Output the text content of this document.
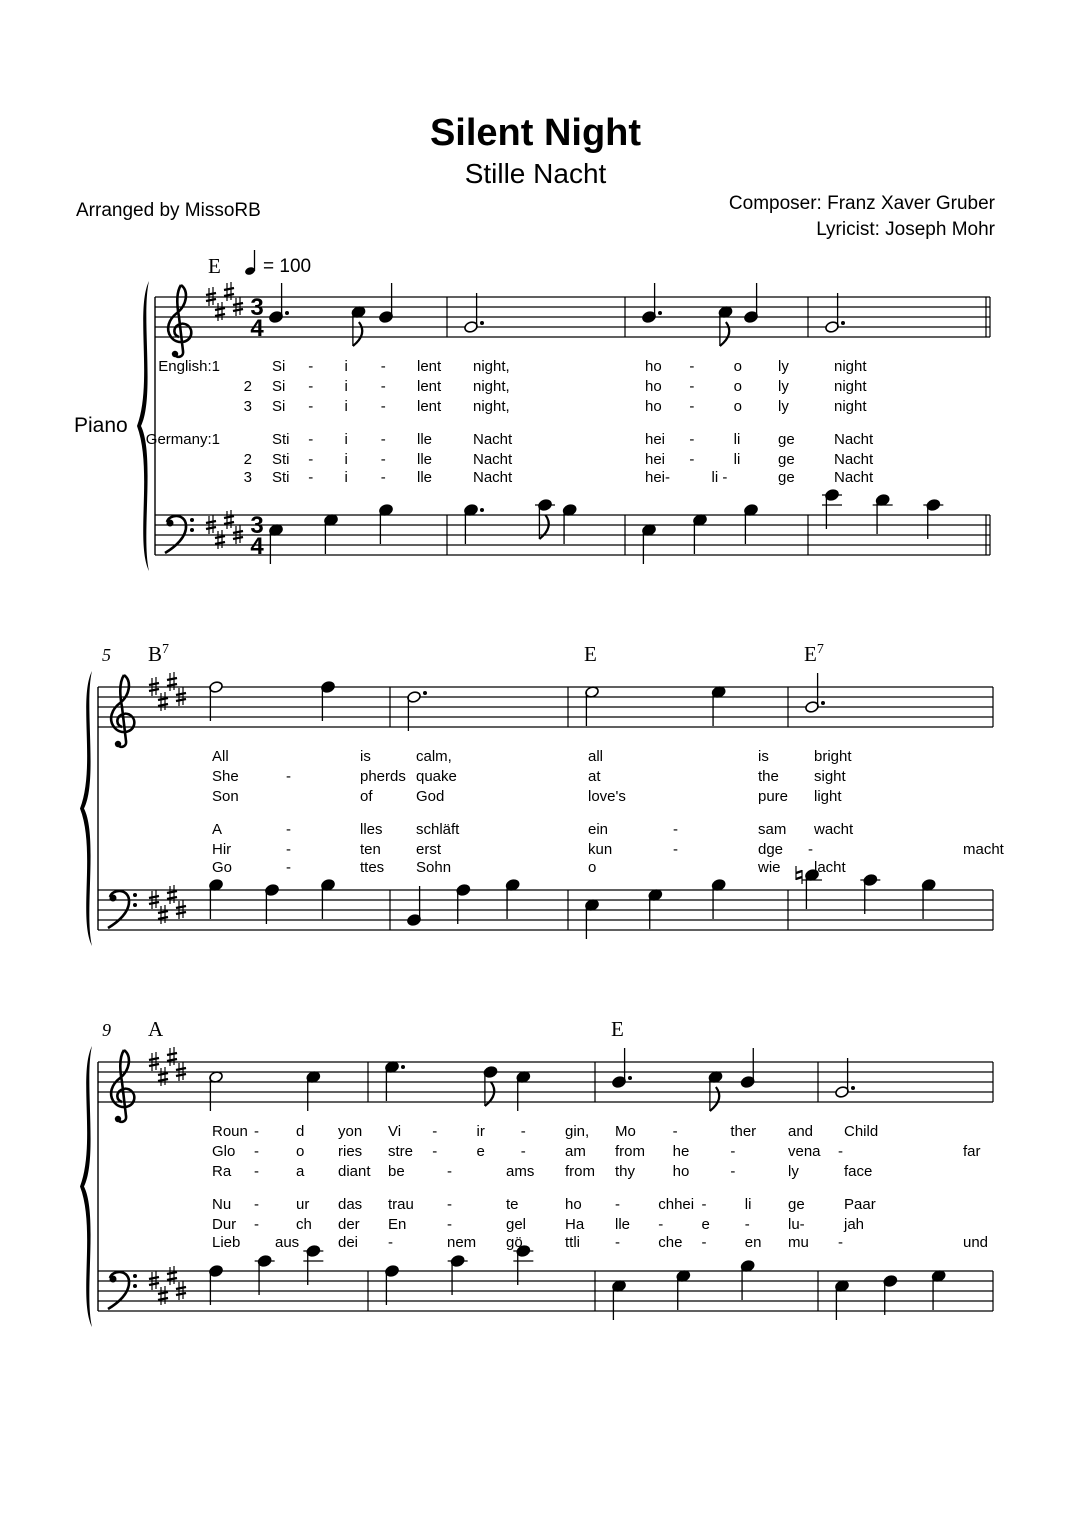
Silent Night
Stille Nacht
Arranged by MissoRB	Composer: Franz Xaver Gruber
Lyricist: Joseph Mohr
Piano
= 100
3
4
3
4
E
English:1	Si - i - lent
2 Si - i - lent
3 Si - i - lent
Germany:1	Sti - i - lle
2 Sti - i - lle
3 Sti - i - lle
night,
night,
night,
Nacht
Nacht
Nacht
ho -	o ly
ho -	o ly
ho -	o ly
hei -	li	ge
hei -	li	ge
hei-	li -	ge
night
night
night
Nacht
Nacht
Nacht
5 $B^7$
All	is
She	-	pherds
Son	of
A	-	lles
Hir	-	ten
Go	-	ttes
calm,
quake
God
schläft
erst
Sohn
E
all	is
at	the
love's	pure
ein	-	sam
kun	-	dge
o	wie
$E^7$
bright
sight
light
wacht
-	macht
lacht
9 A
Roun - d yon
Glo - o ries
Ra - a diant
Nu - ur das
Dur - ch der
Lieb aus	dei
Vi -	ir -	gin,
stre -	e -	am
be	-	ams from
trau -	te	ho
En	-	gel	Ha
-	nem gö	ttli
E
Mo -	ther and
from he	-	vena
thy	ho	-	ly
-	chhei -	li ge
lle -	e -	lu-
-	che -	en mu
Child
-	far
face
Paar
jah
-	und
